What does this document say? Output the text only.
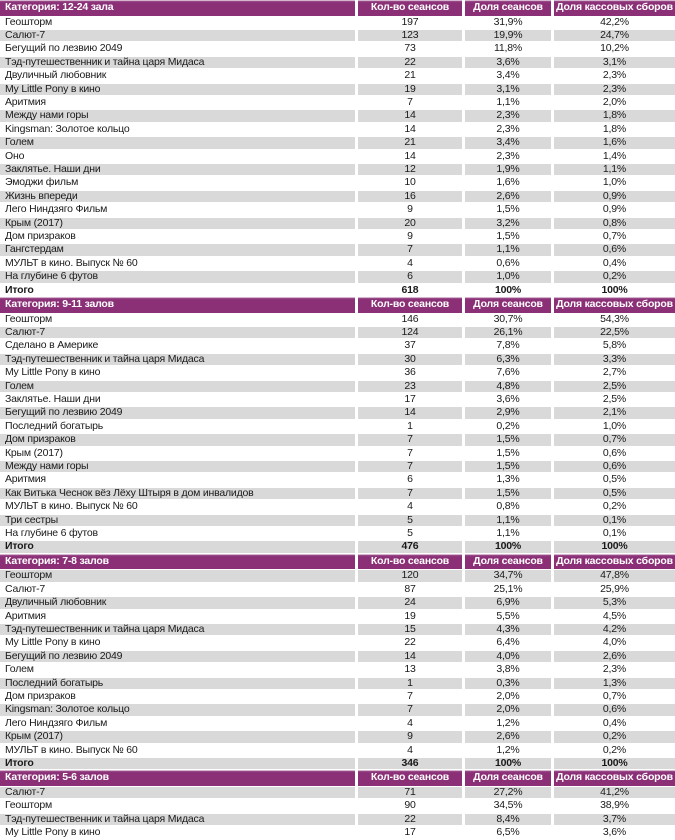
Категория: 12-24 зала	Кол-во сеансов	Доля сеансов	Доля кассовых сборов
Геошторм	197	31,9%	42,2%
Салют-7	123	19,9%	24,7%
Бегущий по лезвию 2049	73	11,8%	10,2%
Тэд-путешественник и тайна царя Мидаса	22	3,6%	3,1%
Двуличный любовник	21	3,4%	2,3%
My Little Pony в кино	19	3,1%	2,3%
Аритмия	7	1,1%	2,0%
Между нами горы	14	2,3%	1,8%
Kingsman: Золотое кольцо	14	2,3%	1,8%
Голем	21	3,4%	1,6%
Оно	14	2,3%	1,4%
Заклятье. Наши дни	12	1,9%	1,1%
Эмоджи фильм	10	1,6%	1,0%
Жизнь впереди	16	2,6%	0,9%
Лего Ниндзяго Фильм	9	1,5%	0,9%
Крым (2017)	20	3,2%	0,8%
Дом призраков	9	1,5%	0,7%
Гангстердам	7	1,1%	0,6%
МУЛЬТ в кино. Выпуск № 60	4	0,6%	0,4%
На глубине 6 футов	6	1,0%	0,2%
Итого	618	100%	100%
Категория: 9-11 залов	Кол-во сеансов	Доля сеансов	Доля кассовых сборов
Геошторм	146	30,7%	54,3%
Салют-7	124	26,1%	22,5%
Сделано в Америке	37	7,8%	5,8%
Тэд-путешественник и тайна царя Мидаса	30	6,3%	3,3%
My Little Pony в кино	36	7,6%	2,7%
Голем	23	4,8%	2,5%
Заклятье. Наши дни	17	3,6%	2,5%
Бегущий по лезвию 2049	14	2,9%	2,1%
Последний богатырь	1	0,2%	1,0%
Дом призраков	7	1,5%	0,7%
Крым (2017)	7	1,5%	0,6%
Между нами горы	7	1,5%	0,6%
Аритмия	6	1,3%	0,5%
Как Витька Чеснок вёз Лёху Штыря в дом инвалидов	7	1,5%	0,5%
МУЛЬТ в кино. Выпуск № 60	4	0,8%	0,2%
Три сестры	5	1,1%	0,1%
На глубине 6 футов	5	1,1%	0,1%
Итого	476	100%	100%
Категория: 7-8 залов	Кол-во сеансов	Доля сеансов	Доля кассовых сборов
Геошторм	120	34,7%	47,8%
Салют-7	87	25,1%	25,9%
Двуличный любовник	24	6,9%	5,3%
Аритмия	19	5,5%	4,5%
Тэд-путешественник и тайна царя Мидаса	15	4,3%	4,2%
My Little Pony в кино	22	6,4%	4,0%
Бегущий по лезвию 2049	14	4,0%	2,6%
Голем	13	3,8%	2,3%
Последний богатырь	1	0,3%	1,3%
Дом призраков	7	2,0%	0,7%
Kingsman: Золотое кольцо	7	2,0%	0,6%
Лего Ниндзяго Фильм	4	1,2%	0,4%
Крым (2017)	9	2,6%	0,2%
МУЛЬТ в кино. Выпуск № 60	4	1,2%	0,2%
Итого	346	100%	100%
Категория: 5-6 залов	Кол-во сеансов	Доля сеансов	Доля кассовых сборов
Салют-7	71	27,2%	41,2%
Геошторм	90	34,5%	38,9%
Тэд-путешественник и тайна царя Мидаса	22	8,4%	3,7%
My Little Pony в кино	17	6,5%	3,6%
